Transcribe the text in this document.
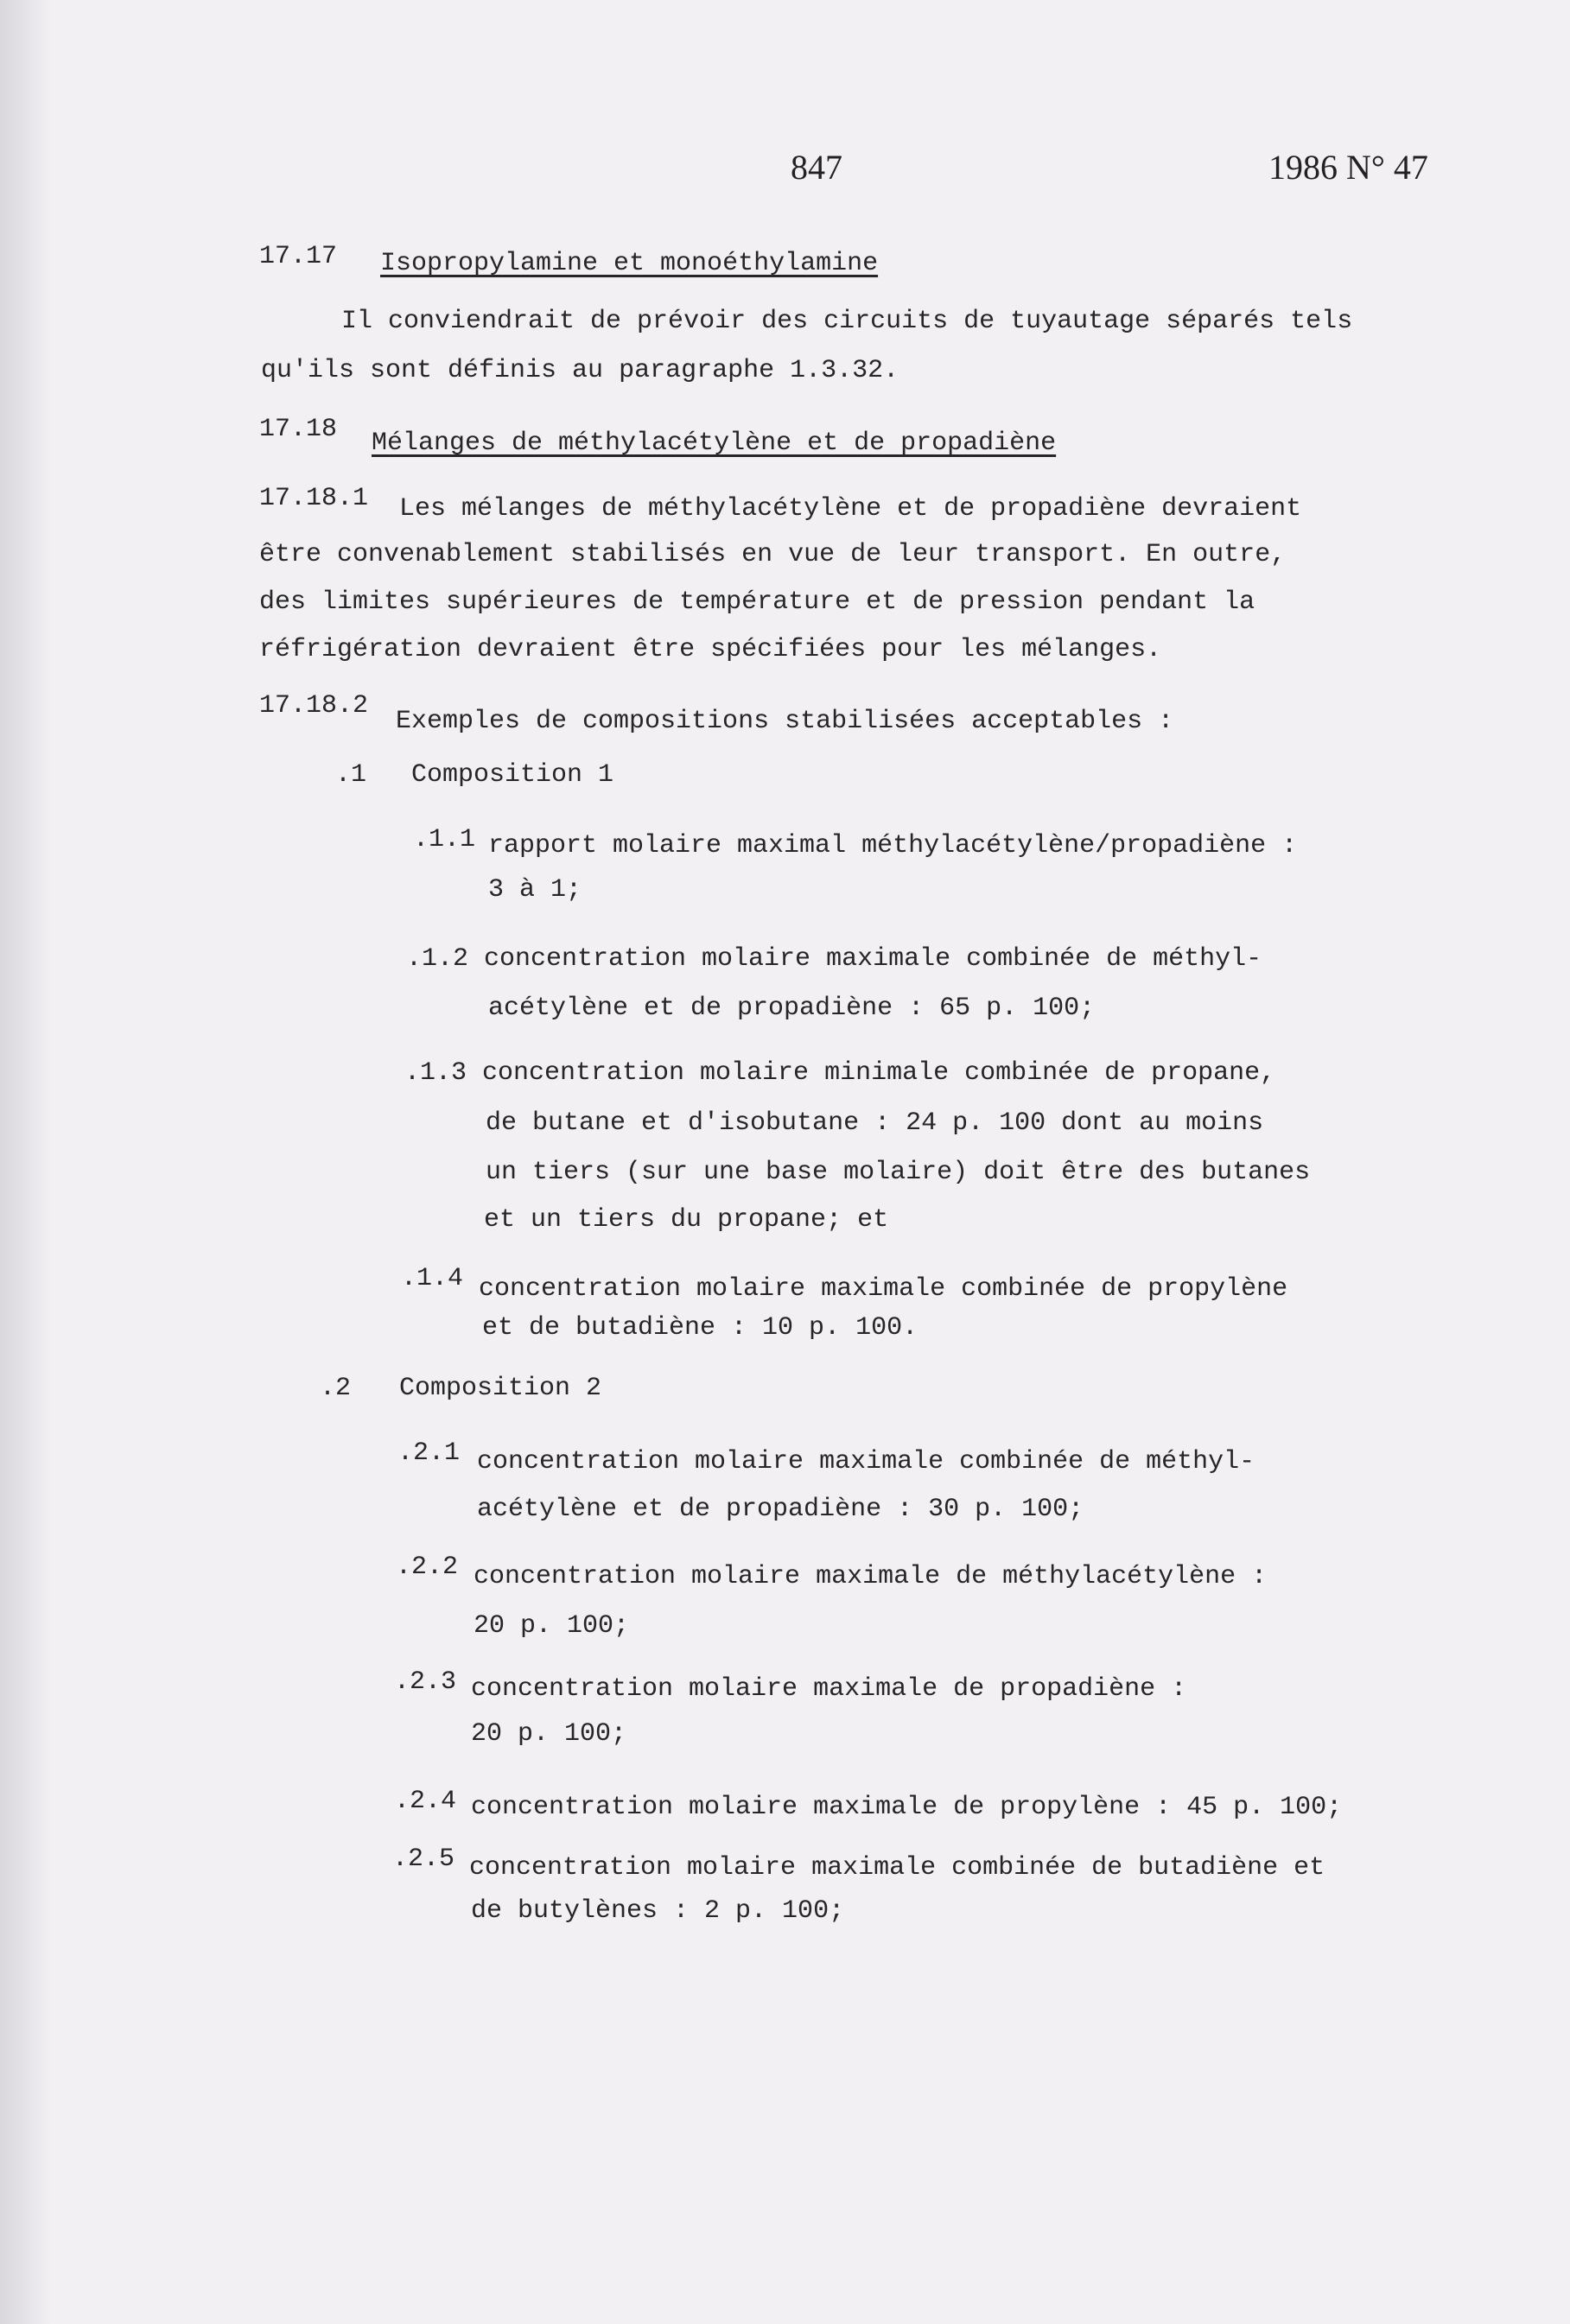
847	1986 N° 47
17.17 Isopropylamine et monoéthylamine
Il conviendrait de prévoir des circuits de tuyautage séparés tels
qu'ils sont définis au paragraphe 1.3.32.
17.18 Mélanges de méthylacétylène et de propadiène
17.18.1 Les mélanges de méthylacétylène et de propadiène devraient
être convenablement stabilisés en vue de leur transport. En outre,
des limites supérieures de température et de pression pendant la
réfrigération devraient être spécifiées pour les mélanges.
17.18.2
Exemples de compositions stabilisées acceptables :
.1 Composition 1
.1.1 rapport molaire maximal méthylacétylène/propadiène :
3 à 1;
.1.2 concentration molaire maximale combinée de méthyl-
acétylène et de propadiène : 65 p. 100;
.1.3 concentration molaire minimale combinée de propane,
de butane et d'isobutane : 24 p. 100 dont au moins
un tiers (sur une base molaire) doit être des butanes
et un tiers du propane; et
.1.4 concentration molaire maximale combinée de propylène
et de butadiène : 10 p. 100.
.2 Composition 2
.2.1 concentration molaire maximale combinée de méthyl-
acétylène et de propadiène : 30 p. 100;
.2.2 concentration molaire maximale de méthylacétylène :
20 p. 100;
.2.3 concentration molaire maximale de propadiène :
20 p. 100;
.2.4 concentration molaire maximale de propylène : 45 p. 100;
.2.5 concentration molaire maximale combinée de butadiène et
de butylènes : 2 p. 100;
